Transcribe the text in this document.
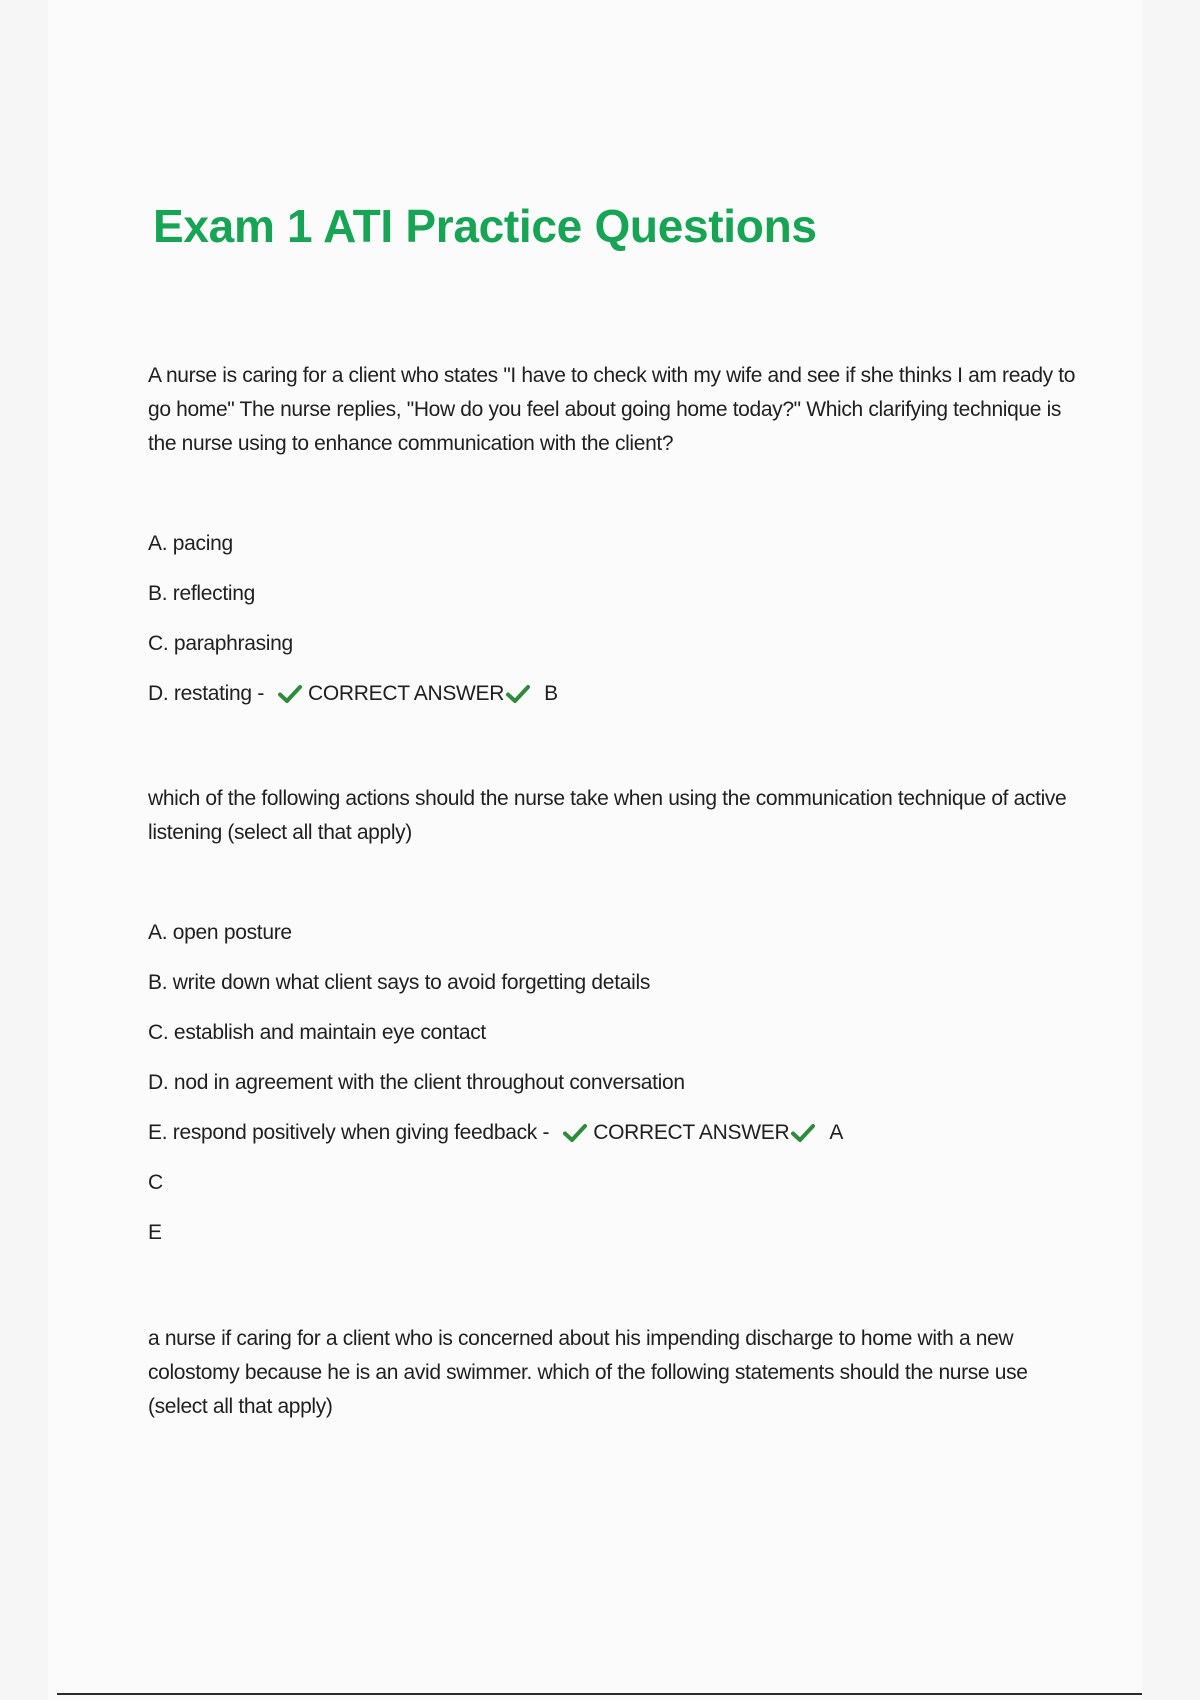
Exam 1 ATI Practice Questions

A nurse is caring for a client who states "I have to check with my wife and see if she thinks I am ready to go home" The nurse replies, "How do you feel about going home today?" Which clarifying technique is the nurse using to enhance communication with the client?

A. pacing
B. reflecting
C. paraphrasing
D. restating - CORRECT ANSWER B

which of the following actions should the nurse take when using the communication technique of active listening (select all that apply)

A. open posture
B. write down what client says to avoid forgetting details
C. establish and maintain eye contact
D. nod in agreement with the client throughout conversation
E. respond positively when giving feedback - CORRECT ANSWER A
C
E

a nurse if caring for a client who is concerned about his impending discharge to home with a new colostomy because he is an avid swimmer. which of the following statements should the nurse use (select all that apply)
